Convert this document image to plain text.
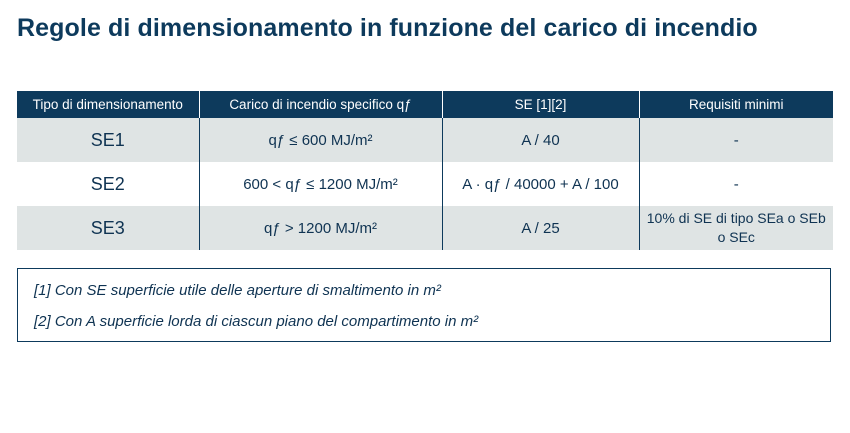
Regole di dimensionamento in funzione del carico di incendio
Tipo di dimensionamento	Carico di incendio specifico qƒ	SE [1][2]	Requisiti minimi
SE1	qƒ ≤ 600 MJ/m²	A / 40	-
SE2	600 < qƒ ≤ 1200 MJ/m²	A · qƒ / 40000 + A / 100	-
SE3	qƒ > 1200 MJ/m²	A / 25	10% di SE di tipo SEa o SEb o SEc
[1] Con SE superficie utile delle aperture di smaltimento in m²
[2] Con A superficie lorda di ciascun piano del compartimento in m²
